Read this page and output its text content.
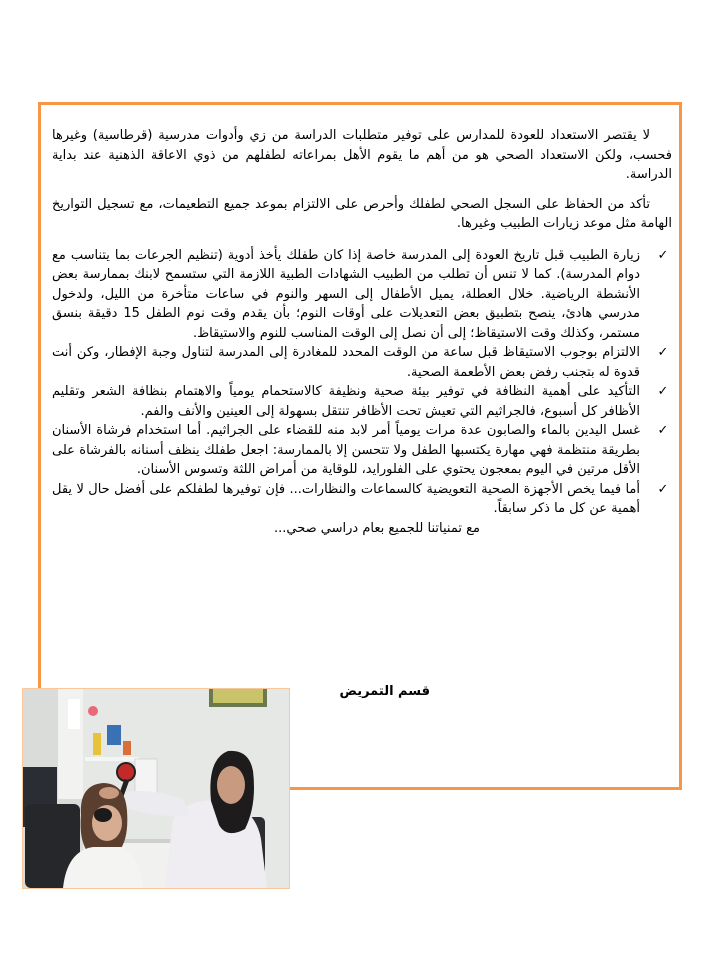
لا يقتصر الاستعداد للعودة للمدارس على توفير متطلبات الدراسة من زي وأدوات مدرسية (قرطاسية) وغيرها فحسب، ولكن الاستعداد الصحي هو من أهم ما يقوم الأهل بمراعاته لطفلهم من ذوي الاعاقة الذهنية عند بداية الدراسة.

تأكد من الحفاظ على السجل الصحي لطفلك وأحرص على الالتزام بموعد جميع التطعيمات، مع تسجيل التواريخ الهامة مثل موعد زيارات الطبيب وغيرها.

✓
زيارة الطبيب قبل تاريخ العودة إلى المدرسة خاصة إذا كان طفلك يأخذ أدوية (تنظيم الجرعات بما يتناسب مع دوام المدرسة). كما لا تنس أن تطلب من الطبيب الشهادات الطبية اللازمة التي ستسمح لابنك بممارسة بعض الأنشطة الرياضية. خلال العطلة، يميل الأطفال إلى السهر والنوم في ساعات متأخرة من الليل، ولدخول مدرسي هادئ، ينصح بتطبيق بعض التعديلات على أوقات النوم؛ بأن يقدم وقت نوم الطفل 15 دقيقة بنسق مستمر، وكذلك وقت الاستيقاظ؛ إلى أن نصل إلى الوقت المناسب للنوم والاستيقاظ.
✓
الالتزام بوجوب الاستيقاظ قبل ساعة من الوقت المحدد للمغادرة إلى المدرسة لتناول وجبة الإفطار، وكن أنت قدوة له بتجنب رفض بعض الأطعمة الصحية.
✓
التأكيد على أهمية النظافة في توفير بيئة صحية ونظيفة كالاستحمام يومياً والاهتمام بنظافة الشعر وتقليم الأظافر كل أسبوع، فالجراثيم التي تعيش تحت الأظافر تنتقل بسهولة إلى العينين والأنف والفم.
✓
غسل اليدين بالماء والصابون عدة مرات يومياً أمر لابد منه للقضاء على الجراثيم. أما استخدام فرشاة الأسنان بطريقة منتظمة فهي مهارة يكتسبها الطفل ولا تتحسن إلا بالممارسة: اجعل طفلك ينظف أسنانه بالفرشاة على الأقل مرتين في اليوم بمعجون يحتوي على الفلورايد، للوقاية من أمراض اللثة وتسوس الأسنان.
✓
أما فيما يخص الأجهزة الصحية التعويضية كالسماعات والنظارات... فإن توفيرها لطفلكم على أفضل حال لا يقل أهمية عن كل ما ذكر سابقاً.

مع تمنياتنا للجميع بعام دراسي صحي...

قسم التمريض
